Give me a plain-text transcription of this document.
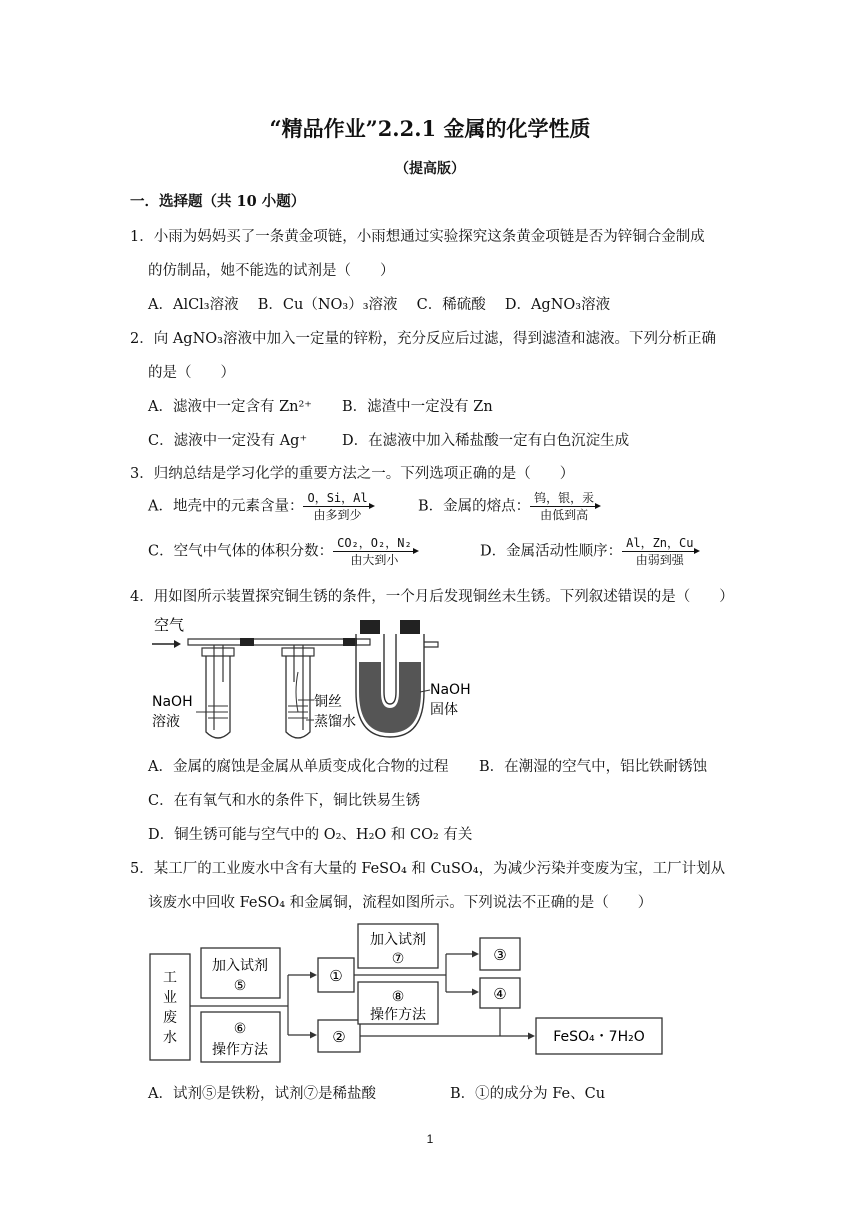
“精品作业”2.2.1 金属的化学性质
（提高版）
一．选择题（共 10 小题）
1．小雨为妈妈买了一条黄金项链，小雨想通过实验探究这条黄金项链是否为锌铜合金制成
的仿制品，她不能选的试剂是（　　）
A．AlCl₃溶液　 B．Cu（NO₃）₃溶液　 C．稀硫酸　 D．AgNO₃溶液
2．向 AgNO₃溶液中加入一定量的锌粉，充分反应后过滤，得到滤渣和滤液。下列分析正确
的是（　　）
A．滤液中一定含有 Zn²⁺ B．滤渣中一定没有 Zn
C．滤液中一定没有 Ag⁺ D．在滤液中加入稀盐酸一定有白色沉淀生成
3．归纳总结是学习化学的重要方法之一。下列选项正确的是（　　）
A．地壳中的元素含量： $\frac{O,Si,Al}{\text{由多到少}}$	B．金属的熔点： $\frac{\text{钨，银，汞}}{\text{由低到高}}$
C．空气中气体的体积分数： $\frac{\text{CO₂，O₂，N₂}}{\text{由大到小}}$	D．金属活动性顺序： $\frac{Al,Zn,Cu}{\text{由弱到强}}$
4．用如图所示装置探究铜生锈的条件，一个月后发现铜丝未生锈。下列叙述错误的是（　　）
空气
NaOH
溶液
铜丝
蒸馏水
NaOH
固体
A．金属的腐蚀是金属从单质变成化合物的过程 B．在潮湿的空气中，铝比铁耐锈蚀
C．在有氧气和水的条件下，铜比铁易生锈
D．铜生锈可能与空气中的 O₂、H₂O 和 CO₂ 有关
5．某工厂的工业废水中含有大量的 FeSO₄ 和 CuSO₄，为减少污染并变废为宝，工厂计划从
该废水中回收 FeSO₄ 和金属铜，流程如图所示。下列说法不正确的是（　　）
工
业
废
水
加入试剂
⑤
⑥
操作方法
①
②
加入试剂
⑦
⑧
操作方法
③
④
FeSO₄・7H₂O
A．试剂⑤是铁粉，试剂⑦是稀盐酸	B．①的成分为 Fe、Cu
1
